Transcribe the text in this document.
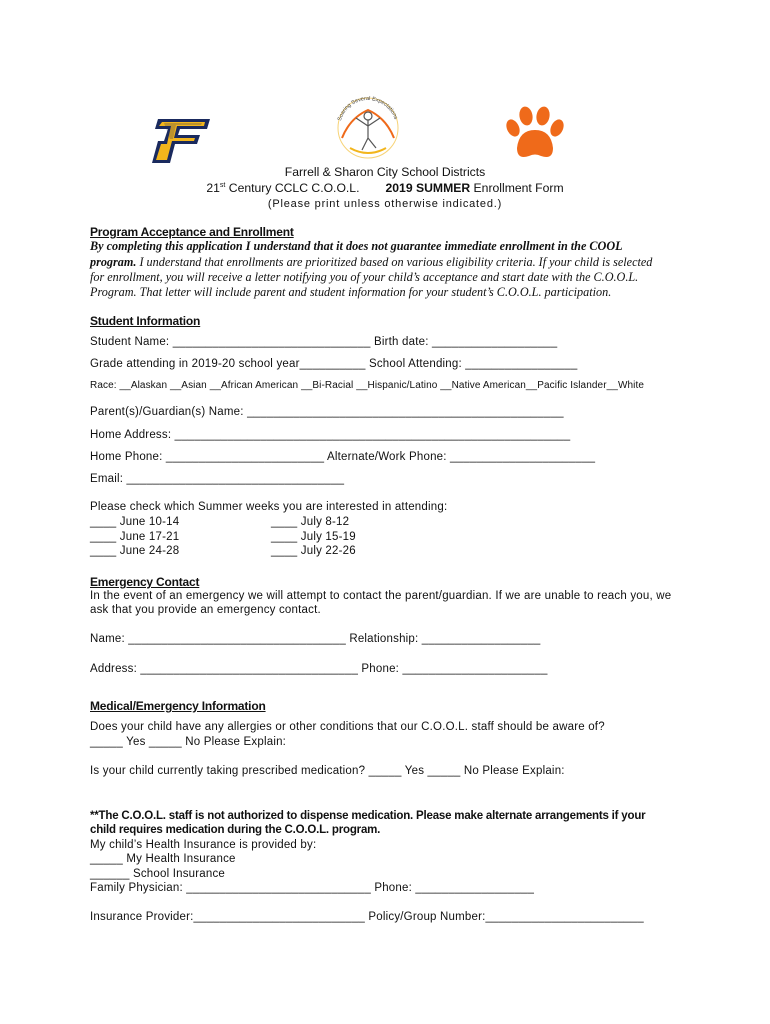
Soaring Several Expectations
Farrell & Sharon City School Districts
21st Century CCLC C.O.O.L. 2019 SUMMER Enrollment Form
(Please print unless otherwise indicated.)
Program Acceptance and Enrollment
By completing this application I understand that it does not guarantee immediate enrollment in the COOL
program. I understand that enrollments are prioritized based on various eligibility criteria. If your child is selected
for enrollment, you will receive a letter notifying you of your child’s acceptance and start date with the C.O.O.L.
Program. That letter will include parent and student information for your student’s C.O.O.L. participation.
Student Information
Student Name: ______________________________ Birth date: ___________________
Grade attending in 2019-20 school year__________ School Attending: _________________
Race: __Alaskan __Asian __African American __Bi-Racial __Hispanic/Latino __Native American__Pacific Islander__White
Parent(s)/Guardian(s) Name: ________________________________________________
Home Address: ____________________________________________________________
Home Phone: ________________________ Alternate/Work Phone: ______________________
Email: _________________________________
Please check which Summer weeks you are interested in attending:
____ June 10-14
____ June 17-21
____ June 24-28
____ July 8-12
____ July 15-19
____ July 22-26
Emergency Contact
In the event of an emergency we will attempt to contact the parent/guardian. If we are unable to reach you, we
ask that you provide an emergency contact.
Name: _________________________________ Relationship: __________________
Address: _________________________________ Phone: ______________________
Medical/Emergency Information
Does your child have any allergies or other conditions that our C.O.O.L. staff should be aware of?
_____ Yes _____ No Please Explain:
Is your child currently taking prescribed medication? _____ Yes _____ No Please Explain:
**The C.O.O.L. staff is not authorized to dispense medication. Please make alternate arrangements if your
child requires medication during the C.O.O.L. program.
My child’s Health Insurance is provided by:
_____ My Health Insurance
______ School Insurance
Family Physician: ____________________________ Phone: __________________
Insurance Provider:__________________________ Policy/Group Number:________________________
